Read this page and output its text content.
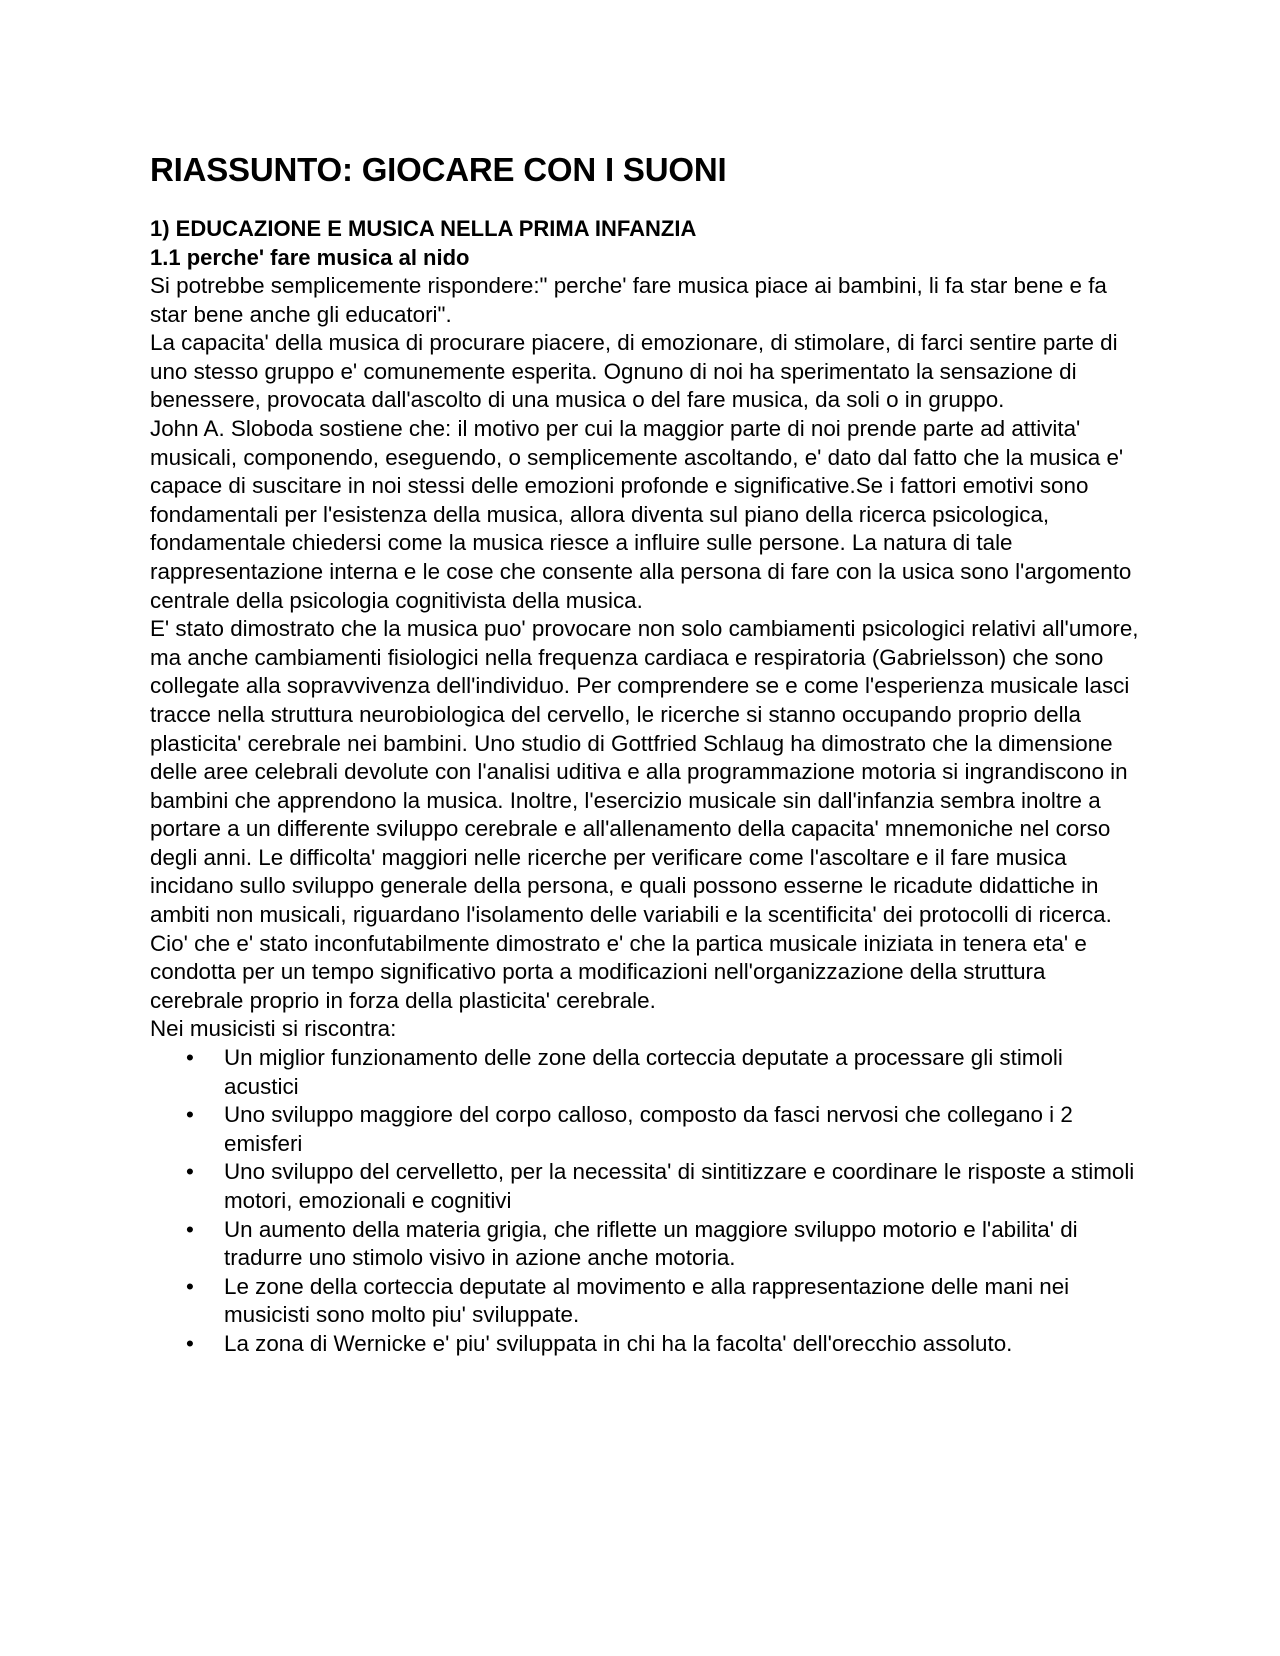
RIASSUNTO: GIOCARE CON I SUONI
1) EDUCAZIONE E MUSICA NELLA PRIMA INFANZIA
1.1 perche' fare musica al nido

Si potrebbe semplicemente rispondere:" perche' fare musica piace ai bambini, li fa star bene e fa star bene anche gli educatori".

La capacita' della musica di procurare piacere, di emozionare, di stimolare, di farci sentire parte di uno stesso gruppo e' comunemente esperita. Ognuno di noi ha sperimentato la sensazione di benessere, provocata dall'ascolto di una musica o del fare musica, da soli o in gruppo.

John A. Sloboda sostiene che: il motivo per cui la maggior parte di noi prende parte ad attivita' musicali, componendo, eseguendo, o semplicemente ascoltando, e' dato dal fatto che la musica e' capace di suscitare in noi stessi delle emozioni profonde e significative.Se i fattori emotivi sono fondamentali per l'esistenza della musica, allora diventa sul piano della ricerca psicologica, fondamentale chiedersi come la musica riesce a influire sulle persone. La natura di tale rappresentazione interna e le cose che consente alla persona di fare con la usica sono l'argomento centrale della psicologia cognitivista della musica.

E' stato dimostrato che la musica puo' provocare non solo cambiamenti psicologici relativi all'umore, ma anche cambiamenti fisiologici nella frequenza cardiaca e respiratoria (Gabrielsson) che sono collegate alla sopravvivenza dell'individuo. Per comprendere se e come l'esperienza musicale lasci tracce nella struttura neurobiologica del cervello, le ricerche si stanno occupando proprio della plasticita' cerebrale nei bambini. Uno studio di Gottfried Schlaug ha dimostrato che la dimensione delle aree celebrali devolute con l'analisi uditiva e alla programmazione motoria si ingrandiscono in bambini che apprendono la musica. Inoltre, l'esercizio musicale sin dall'infanzia sembra inoltre a portare a un differente sviluppo cerebrale e all'allenamento della capacita' mnemoniche nel corso degli anni. Le difficolta' maggiori nelle ricerche per verificare come l'ascoltare e il fare musica incidano sullo sviluppo generale della persona, e quali possono esserne le ricadute didattiche in ambiti non musicali, riguardano l'isolamento delle variabili e la scentificita' dei protocolli di ricerca. Cio' che e' stato inconfutabilmente dimostrato e' che la partica musicale iniziata in tenera eta' e condotta per un tempo significativo porta a modificazioni nell'organizzazione della struttura cerebrale proprio in forza della plasticita' cerebrale.

Nei musicisti si riscontra:

•	Un miglior funzionamento delle zone della corteccia deputate a processare gli stimoli acustici
•	Uno sviluppo maggiore del corpo calloso, composto da fasci nervosi che collegano i 2 emisferi
•	Uno sviluppo del cervelletto, per la necessita' di sintitizzare e coordinare le risposte a stimoli motori, emozionali e cognitivi
•	Un aumento della materia grigia, che riflette un maggiore sviluppo motorio e l'abilita' di tradurre uno stimolo visivo in azione anche motoria.
•	Le zone della corteccia deputate al movimento e alla rappresentazione delle mani nei musicisti sono molto piu' sviluppate.
•	La zona di Wernicke e' piu' sviluppata in chi ha la facolta' dell'orecchio assoluto.
